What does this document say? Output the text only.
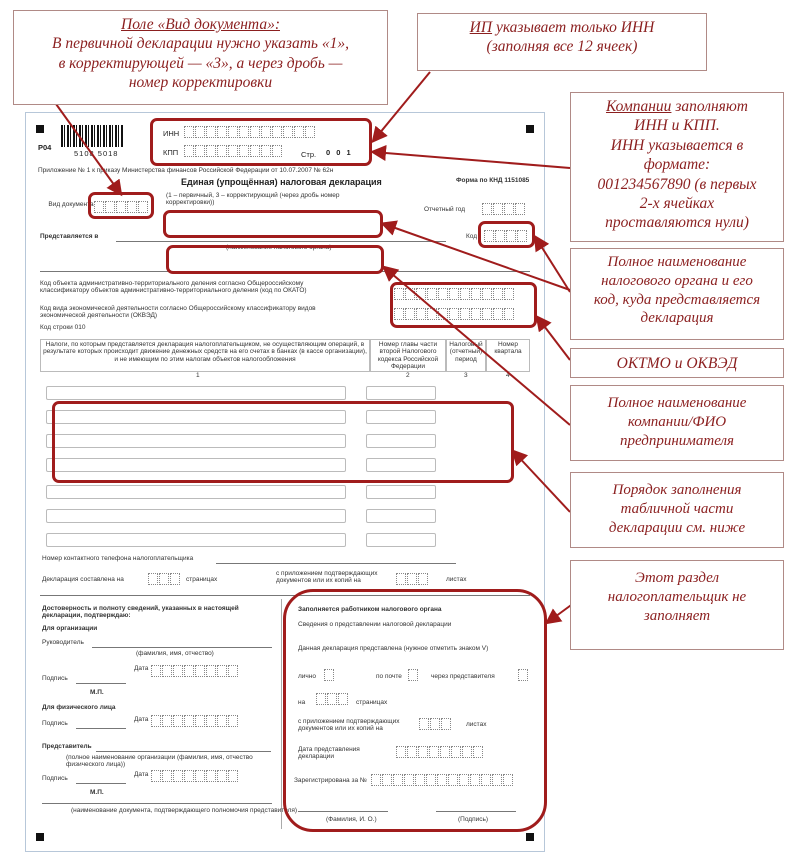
Р04
5108 5018
ИНН
КПП	Стр. 0 0 1
Приложение № 1 к приказу Министерства финансов Российской Федерации от 10.07.2007 № 62н
Единая (упрощённая) налоговая декларация	Форма по КНД 1151085
Вид документа
(1 – первичный, 3 – корректирующий (через дробь номер корректировки))
Отчетный год
Представляется в	Код
(наименование налогового органа)
Код объекта административно-территориального деления согласно Общероссийскому классификатору объектов административно-территориального деления (код по ОКАТО)
Код вида экономической деятельности согласно Общероссийскому классификатору видов экономической деятельности (ОКВЭД)
Код строки 010
Налоги, по которым представляется декларация налогоплательщиком, не осуществляющим операций, в результате которых происходит движение денежных средств на его счетах в банках (в кассе организации), и не имеющим по этим налогам объектов налогообложения
Номер главы части второй Налогового кодекса Российской Федерации
Налоговый (отчетный) период
Номер квартала
1	2	3	4
Номер контактного телефона налогоплательщика
Декларация составлена на	страницах
с приложением подтверждающих документов или их копий на	листах
Достоверность и полноту сведений, указанных в настоящей декларации, подтверждаю:
Для организации
Руководитель
(фамилия, имя, отчество)
Подпись
Дата
М.П.
Для физического лица
Подпись
Дата
Представитель
(полное наименование организации (фамилия, имя, отчество физического лица))
Подпись
Дата
М.П.
(наименование документа, подтверждающего полномочия представителя)
Заполняется работником налогового органа
Сведения о представлении налоговой декларации
Данная декларация представлена (нужное отметить знаком V)
лично	по почте	через представителя
на	страницах
с приложением подтверждающих документов или их копий на
листах
Дата представления декларации
Зарегистрирована за №
(Фамилия, И. О.)	(Подпись)
Поле «Вид документа»:
В первичной декларации нужно указать «1»,
в корректирующей — «3», а через дробь —
номер корректировки
ИП указывает только ИНН
(заполняя все 12 ячеек)
Компании заполняют
ИНН и КПП.
ИНН указывается в
формате:
001234567890 (в первых
2-х ячейках
проставляются нули)
Полное наименование
налогового органа и его
код, куда представляется
декларация
ОКТМО и ОКВЭД
Полное наименование
компании/ФИО
предпринимателя
Порядок заполнения
табличной части
декларации см. ниже
Этот раздел
налогоплательщик не
заполняет
